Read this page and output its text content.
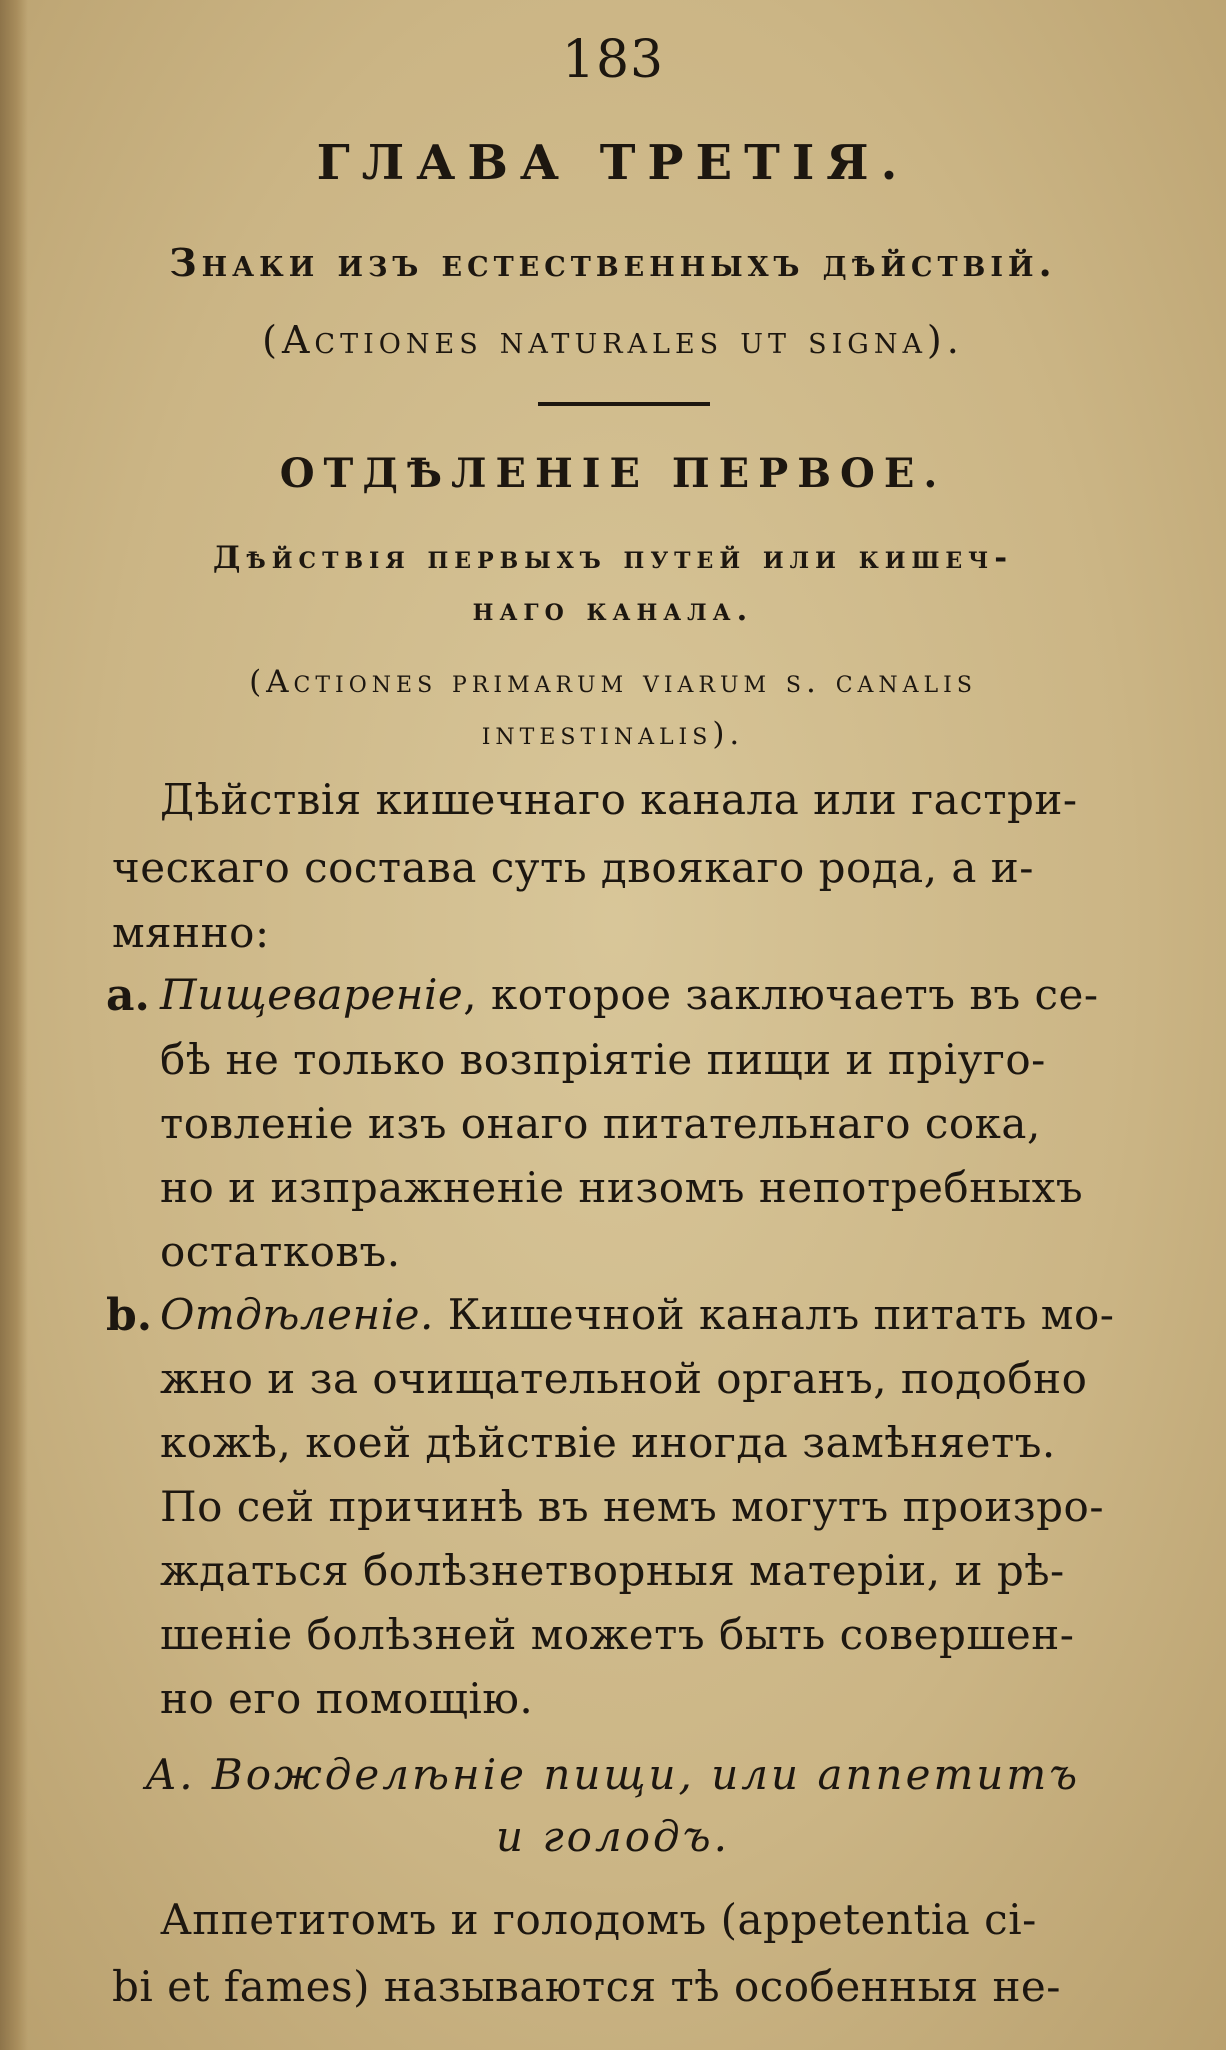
183
ГЛАВА ТРЕТІЯ.
Знаки изъ естественныхъ дѣйствій.
(Actiones naturales ut signa).
ОТДѢЛЕНІЕ ПЕРВОЕ.
Дѣйствія первыхъ путей или кишеч-
наго канала.
(Actiones primarum viarum s. canalis
intestinalis).
Дѣйствія кишечнаго канала или гастри-
ческаго состава суть двоякаго рода, а и-
мянно:
a. Пищевареніе, которое заключаетъ въ се-
бѣ не только возпріятіе пищи и пріуго-
товленіе изъ онаго питательнаго сока,
но и изпражненіе низомъ непотребныхъ
остатковъ.
b. Отдѣленіе. Кишечной каналъ питать мо-
жно и за очищательной органъ, подобно
кожѣ, коей дѣйствіе иногда замѣняетъ.
По сей причинѣ въ немъ могутъ произро-
ждаться болѣзнетворныя матеріи, и рѣ-
шеніе болѣзней можетъ быть совершен-
но его помощію.
A. Вожделѣніе пищи, или аппетитъ
и голодъ.
Аппетитомъ и голодомъ (appetentia ci-
bi et fames) называются тѣ особенныя не-
